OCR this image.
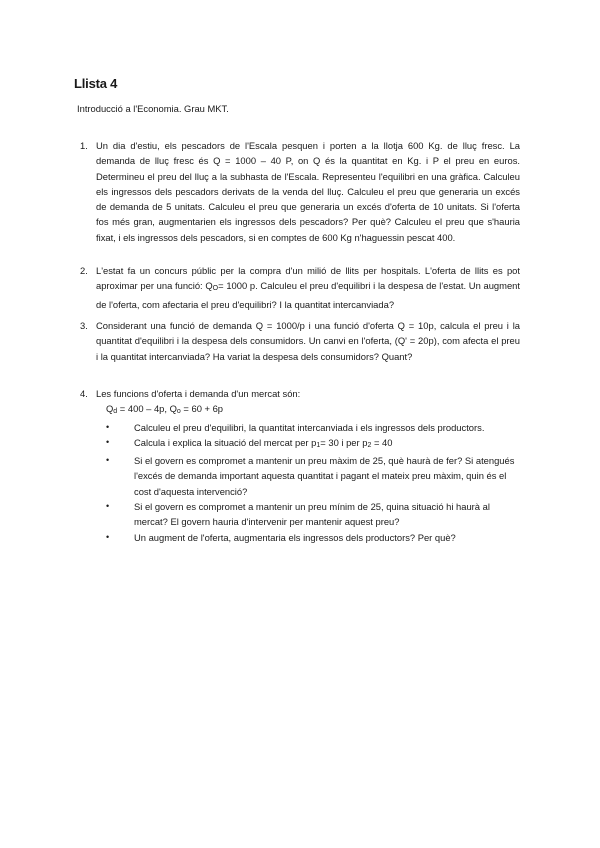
Llista 4
Introducció a l'Economia. Grau MKT.
1. Un dia d'estiu, els pescadors de l'Escala pesquen i porten a la llotja 600 Kg. de lluç fresc. La demanda de lluç fresc és Q = 1000 – 40 P, on Q és la quantitat en Kg. i P el preu en euros. Determineu el preu del lluç a la subhasta de l'Escala. Representeu l'equilibri en una gràfica. Calculeu els ingressos dels pescadors derivats de la venda del lluç. Calculeu el preu que generaria un excés de demanda de 5 unitats. Calculeu el preu que generaria un excés d'oferta de 10 unitats. Si l'oferta fos més gran, augmentarien els ingressos dels pescadors? Per què? Calculeu el preu que s'hauria fixat, i els ingressos dels pescadors, si en comptes de 600 Kg n'haguessin pescat 400.
2. L'estat fa un concurs públic per la compra d'un milió de llits per hospitals. L'oferta de llits es pot aproximar per una funció: $Q_O= 1000$ p. Calculeu el preu d'equilibri i la despesa de l'estat. Un augment de l'oferta, com afectaria el preu d'equilibri? I la quantitat intercanviada?
3. Considerant una funció de demanda Q = 1000/p i una funció d'oferta Q = 10p, calcula el preu i la quantitat d'equilibri i la despesa dels consumidors. Un canvi en l'oferta, (Q' = 20p), com afecta el preu i la quantitat intercanviada? Ha variat la despesa dels consumidors? Quant?
4. Les funcions d'oferta i demanda d'un mercat són:
$Q_d = 400 - 4p$, $Q_o = 60 + 6p$
•	Calculeu el preu d'equilibri, la quantitat intercanviada i els ingressos dels productors.
•	Calcula i explica la situació del mercat per $p_1= 30$ i per $p_2 = 40$
•	Si el govern es compromet a mantenir un preu màxim de 25, què haurà de fer? Si atengués l'excés de demanda important aquesta quantitat i pagant el mateix preu màxim, quin és el cost d'aquesta intervenció?
•	Si el govern es compromet a mantenir un preu mínim de 25, quina situació hi haurà al mercat? El govern hauria d'intervenir per mantenir aquest preu?
•	Un augment de l'oferta, augmentaria els ingressos dels productors? Per què?
